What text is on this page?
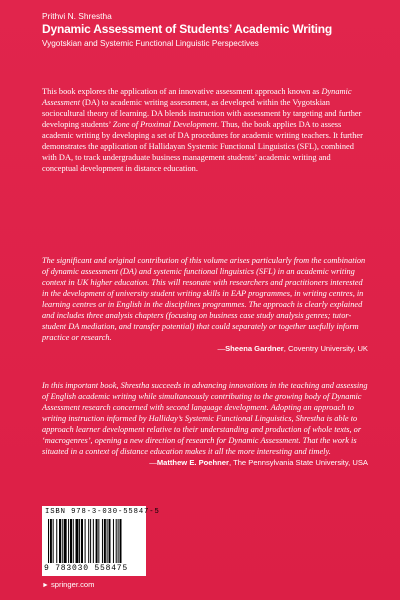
Prithvi N. Shrestha
Dynamic Assessment of Students’ Academic Writing
Vygotskian and Systemic Functional Linguistic Perspectives

This book explores the application of an innovative assessment approach known as Dynamic Assessment (DA) to academic writing assessment, as developed within the Vygotskian sociocultural theory of learning. DA blends instruction with assessment by targeting and further developing students’ Zone of Proximal Development. Thus, the book applies DA to assess academic writing by developing a set of DA procedures for academic writing teachers. It further demonstrates the application of Hallidayan Systemic Functional Linguistics (SFL), combined with DA, to track undergraduate business management students’ academic writing and conceptual development in distance education.

The significant and original contribution of this volume arises particularly from the combination of dynamic assessment (DA) and systemic functional linguistics (SFL) in an academic writing context in UK higher education. This will resonate with researchers and practitioners interested in the development of university student writing skills in EAP programmes, in writing centres, in learning centres or in English in the disciplines programmes. The approach is clearly explained and includes three analysis chapters (focusing on business case study analysis genres; tutor-student DA mediation, and transfer potential) that could separately or together usefully inform practice or research.

—Sheena Gardner, Coventry University, UK

In this important book, Shrestha succeeds in advancing innovations in the teaching and assessing of English academic writing while simultaneously contributing to the growing body of Dynamic Assessment research concerned with second language development. Adopting an approach to writing instruction informed by Halliday’s Systemic Functional Linguistics, Shrestha is able to approach learner development relative to their understanding and production of whole texts, or ‘macrogenres’, opening a new direction of research for Dynamic Assessment. That the work is situated in a context of distance education makes it all the more interesting and timely.

—Matthew E. Poehner, The Pennsylvania State University, USA
ISBN 978-3-030-55847-5
9 783030 558475
► springer.com
